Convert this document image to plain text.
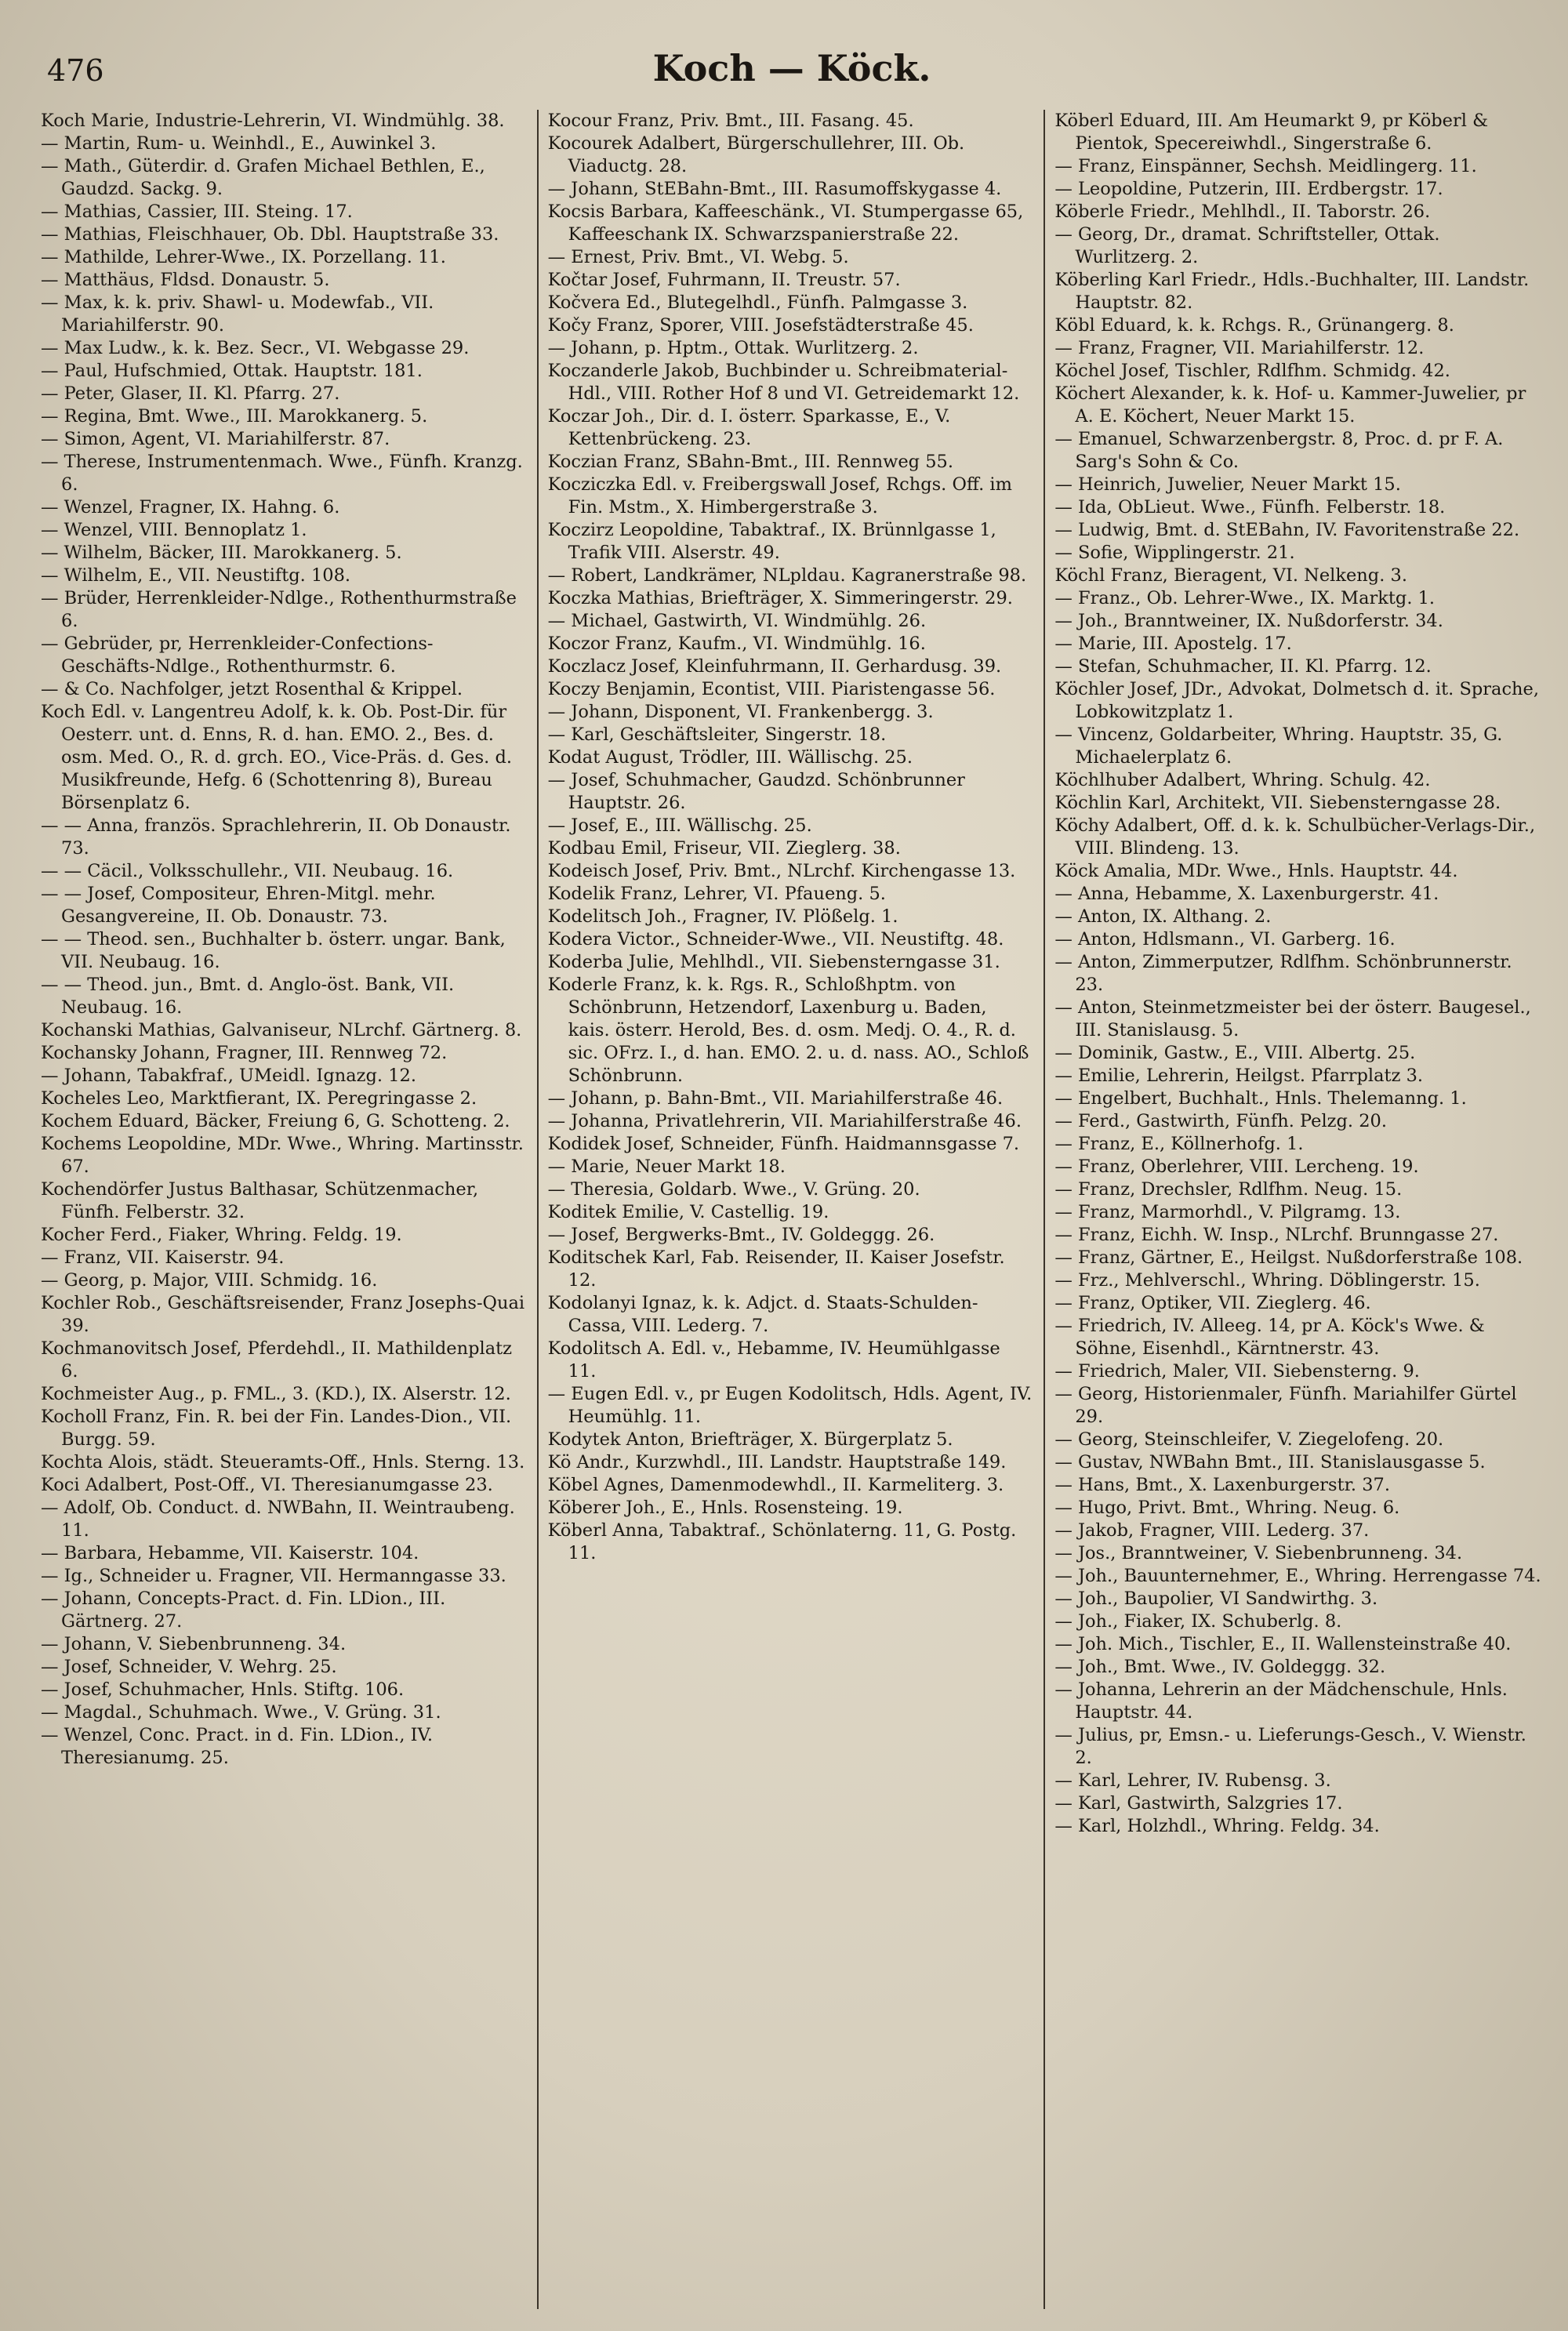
476	Koch — Köck.

Koch Marie, Industrie-Lehrerin, VI. Windmühlg. 38.

— Martin, Rum- u. Weinhdl., E., Auwinkel 3.

— Math., Güterdir. d. Grafen Michael Bethlen, E., Gaudzd. Sackg. 9.

— Mathias, Cassier, III. Steing. 17.

— Mathias, Fleischhauer, Ob. Dbl. Hauptstraße 33.

— Mathilde, Lehrer-Wwe., IX. Porzellang. 11.

— Matthäus, Fldsd. Donaustr. 5.

— Max, k. k. priv. Shawl- u. Modewfab., VII. Mariahilferstr. 90.

— Max Ludw., k. k. Bez. Secr., VI. Webgasse 29.

— Paul, Hufschmied, Ottak. Hauptstr. 181.

— Peter, Glaser, II. Kl. Pfarrg. 27.

— Regina, Bmt. Wwe., III. Marokkanerg. 5.

— Simon, Agent, VI. Mariahilferstr. 87.

— Therese, Instrumentenmach. Wwe., Fünfh. Kranzg. 6.

— Wenzel, Fragner, IX. Hahng. 6.

— Wenzel, VIII. Bennoplatz 1.

— Wilhelm, Bäcker, III. Marokkanerg. 5.

— Wilhelm, E., VII. Neustiftg. 108.

— Brüder, Herrenkleider-Ndlge., Rothenthurmstraße 6.

— Gebrüder, pr, Herrenkleider-Confections-Geschäfts-Ndlge., Rothenthurmstr. 6.

— & Co. Nachfolger, jetzt Rosenthal & Krippel.

Koch Edl. v. Langentreu Adolf, k. k. Ob. Post-Dir. für Oesterr. unt. d. Enns, R. d. han. EMO. 2., Bes. d. osm. Med. O., R. d. grch. EO., Vice-Präs. d. Ges. d. Musikfreunde, Hefg. 6 (Schottenring 8), Bureau Börsenplatz 6.

— — Anna, französ. Sprachlehrerin, II. Ob Donaustr. 73.

— — Cäcil., Volksschullehr., VII. Neubaug. 16.

— — Josef, Compositeur, Ehren-Mitgl. mehr. Gesangvereine, II. Ob. Donaustr. 73.

— — Theod. sen., Buchhalter b. österr. ungar. Bank, VII. Neubaug. 16.

— — Theod. jun., Bmt. d. Anglo-öst. Bank, VII. Neubaug. 16.

Kochanski Mathias, Galvaniseur, NLrchf. Gärtnerg. 8.

Kochansky Johann, Fragner, III. Rennweg 72.

— Johann, Tabakfraf., UMeidl. Ignazg. 12.

Kocheles Leo, Marktfierant, IX. Peregringasse 2.

Kochem Eduard, Bäcker, Freiung 6, G. Schotteng. 2.

Kochems Leopoldine, MDr. Wwe., Whring. Martinsstr. 67.

Kochendörfer Justus Balthasar, Schützenmacher, Fünfh. Felberstr. 32.

Kocher Ferd., Fiaker, Whring. Feldg. 19.

— Franz, VII. Kaiserstr. 94.

— Georg, p. Major, VIII. Schmidg. 16.

Kochler Rob., Geschäftsreisender, Franz Josephs-Quai 39.

Kochmanovitsch Josef, Pferdehdl., II. Mathildenplatz 6.

Kochmeister Aug., p. FML., 3. (KD.), IX. Alserstr. 12.

Kocholl Franz, Fin. R. bei der Fin. Landes-Dion., VII. Burgg. 59.

Kochta Alois, städt. Steueramts-Off., Hnls. Sterng. 13.

Koci Adalbert, Post-Off., VI. Theresianumgasse 23.

— Adolf, Ob. Conduct. d. NWBahn, II. Weintraubeng. 11.

— Barbara, Hebamme, VII. Kaiserstr. 104.

— Ig., Schneider u. Fragner, VII. Hermanngasse 33.

— Johann, Concepts-Pract. d. Fin. LDion., III. Gärtnerg. 27.

— Johann, V. Siebenbrunneng. 34.

— Josef, Schneider, V. Wehrg. 25.

— Josef, Schuhmacher, Hnls. Stiftg. 106.

— Magdal., Schuhmach. Wwe., V. Grüng. 31.

— Wenzel, Conc. Pract. in d. Fin. LDion., IV. Theresianumg. 25.

Kocour Franz, Priv. Bmt., III. Fasang. 45.

Kocourek Adalbert, Bürgerschullehrer, III. Ob. Viaductg. 28.

— Johann, StEBahn-Bmt., III. Rasumoffskygasse 4.

Kocsis Barbara, Kaffeeschänk., VI. Stumpergasse 65, Kaffeeschank IX. Schwarzspanierstraße 22.

— Ernest, Priv. Bmt., VI. Webg. 5.

Kočtar Josef, Fuhrmann, II. Treustr. 57.

Kočvera Ed., Blutegelhdl., Fünfh. Palmgasse 3.

Kočy Franz, Sporer, VIII. Josefstädterstraße 45.

— Johann, p. Hptm., Ottak. Wurlitzerg. 2.

Koczanderle Jakob, Buchbinder u. Schreibmaterial-Hdl., VIII. Rother Hof 8 und VI. Getreidemarkt 12.

Koczar Joh., Dir. d. I. österr. Sparkasse, E., V. Kettenbrückeng. 23.

Koczian Franz, SBahn-Bmt., III. Rennweg 55.

Kocziczka Edl. v. Freibergswall Josef, Rchgs. Off. im Fin. Mstm., X. Himbergerstraße 3.

Koczirz Leopoldine, Tabaktraf., IX. Brünnlgasse 1, Trafik VIII. Alserstr. 49.

— Robert, Landkrämer, NLpldau. Kagranerstraße 98.

Koczka Mathias, Briefträger, X. Simmeringerstr. 29.

— Michael, Gastwirth, VI. Windmühlg. 26.

Koczor Franz, Kaufm., VI. Windmühlg. 16.

Koczlacz Josef, Kleinfuhrmann, II. Gerhardusg. 39.

Koczy Benjamin, Econtist, VIII. Piaristengasse 56.

— Johann, Disponent, VI. Frankenbergg. 3.

— Karl, Geschäftsleiter, Singerstr. 18.

Kodat August, Trödler, III. Wällischg. 25.

— Josef, Schuhmacher, Gaudzd. Schönbrunner Hauptstr. 26.

— Josef, E., III. Wällischg. 25.

Kodbau Emil, Friseur, VII. Zieglerg. 38.

Kodeisch Josef, Priv. Bmt., NLrchf. Kirchengasse 13.

Kodelik Franz, Lehrer, VI. Pfaueng. 5.

Kodelitsch Joh., Fragner, IV. Plößelg. 1.

Kodera Victor., Schneider-Wwe., VII. Neustiftg. 48.

Koderba Julie, Mehlhdl., VII. Siebensterngasse 31.

Koderle Franz, k. k. Rgs. R., Schloßhptm. von Schönbrunn, Hetzendorf, Laxenburg u. Baden, kais. österr. Herold, Bes. d. osm. Medj. O. 4., R. d. sic. OFrz. I., d. han. EMO. 2. u. d. nass. AO., Schloß Schönbrunn.

— Johann, p. Bahn-Bmt., VII. Mariahilferstraße 46.

— Johanna, Privatlehrerin, VII. Mariahilferstraße 46.

Kodidek Josef, Schneider, Fünfh. Haidmannsgasse 7.

— Marie, Neuer Markt 18.

— Theresia, Goldarb. Wwe., V. Grüng. 20.

Koditek Emilie, V. Castellig. 19.

— Josef, Bergwerks-Bmt., IV. Goldeggg. 26.

Koditschek Karl, Fab. Reisender, II. Kaiser Josefstr. 12.

Kodolanyi Ignaz, k. k. Adjct. d. Staats-Schulden-Cassa, VIII. Lederg. 7.

Kodolitsch A. Edl. v., Hebamme, IV. Heumühlgasse 11.

— Eugen Edl. v., pr Eugen Kodolitsch, Hdls. Agent, IV. Heumühlg. 11.

Kodytek Anton, Briefträger, X. Bürgerplatz 5.

Kö Andr., Kurzwhdl., III. Landstr. Hauptstraße 149.

Köbel Agnes, Damenmodewhdl., II. Karmeliterg. 3.

Köberer Joh., E., Hnls. Rosensteing. 19.

Köberl Anna, Tabaktraf., Schönlaterng. 11, G. Postg. 11.

Köberl Eduard, III. Am Heumarkt 9, pr Köberl & Pientok, Specereiwhdl., Singerstraße 6.

— Franz, Einspänner, Sechsh. Meidlingerg. 11.

— Leopoldine, Putzerin, III. Erdbergstr. 17.

Köberle Friedr., Mehlhdl., II. Taborstr. 26.

— Georg, Dr., dramat. Schriftsteller, Ottak. Wurlitzerg. 2.

Köberling Karl Friedr., Hdls.-Buchhalter, III. Landstr. Hauptstr. 82.

Köbl Eduard, k. k. Rchgs. R., Grünangerg. 8.

— Franz, Fragner, VII. Mariahilferstr. 12.

Köchel Josef, Tischler, Rdlfhm. Schmidg. 42.

Köchert Alexander, k. k. Hof- u. Kammer-Juwelier, pr A. E. Köchert, Neuer Markt 15.

— Emanuel, Schwarzenbergstr. 8, Proc. d. pr F. A. Sarg's Sohn & Co.

— Heinrich, Juwelier, Neuer Markt 15.

— Ida, ObLieut. Wwe., Fünfh. Felberstr. 18.

— Ludwig, Bmt. d. StEBahn, IV. Favoritenstraße 22.

— Sofie, Wipplingerstr. 21.

Köchl Franz, Bieragent, VI. Nelkeng. 3.

— Franz., Ob. Lehrer-Wwe., IX. Marktg. 1.

— Joh., Branntweiner, IX. Nußdorferstr. 34.

— Marie, III. Apostelg. 17.

— Stefan, Schuhmacher, II. Kl. Pfarrg. 12.

Köchler Josef, JDr., Advokat, Dolmetsch d. it. Sprache, Lobkowitzplatz 1.

— Vincenz, Goldarbeiter, Whring. Hauptstr. 35, G. Michaelerplatz 6.

Köchlhuber Adalbert, Whring. Schulg. 42.

Köchlin Karl, Architekt, VII. Siebensterngasse 28.

Köchy Adalbert, Off. d. k. k. Schulbücher-Verlags-Dir., VIII. Blindeng. 13.

Köck Amalia, MDr. Wwe., Hnls. Hauptstr. 44.

— Anna, Hebamme, X. Laxenburgerstr. 41.

— Anton, IX. Althang. 2.

— Anton, Hdlsmann., VI. Garberg. 16.

— Anton, Zimmerputzer, Rdlfhm. Schönbrunnerstr. 23.

— Anton, Steinmetzmeister bei der österr. Baugesel., III. Stanislausg. 5.

— Dominik, Gastw., E., VIII. Albertg. 25.

— Emilie, Lehrerin, Heilgst. Pfarrplatz 3.

— Engelbert, Buchhalt., Hnls. Thelemanng. 1.

— Ferd., Gastwirth, Fünfh. Pelzg. 20.

— Franz, E., Köllnerhofg. 1.

— Franz, Oberlehrer, VIII. Lercheng. 19.

— Franz, Drechsler, Rdlfhm. Neug. 15.

— Franz, Marmorhdl., V. Pilgramg. 13.

— Franz, Eichh. W. Insp., NLrchf. Brunngasse 27.

— Franz, Gärtner, E., Heilgst. Nußdorferstraße 108.

— Frz., Mehlverschl., Whring. Döblingerstr. 15.

— Franz, Optiker, VII. Zieglerg. 46.

— Friedrich, IV. Alleeg. 14, pr A. Köck's Wwe. & Söhne, Eisenhdl., Kärntnerstr. 43.

— Friedrich, Maler, VII. Siebensterng. 9.

— Georg, Historienmaler, Fünfh. Mariahilfer Gürtel 29.

— Georg, Steinschleifer, V. Ziegelofeng. 20.

— Gustav, NWBahn Bmt., III. Stanislausgasse 5.

— Hans, Bmt., X. Laxenburgerstr. 37.

— Hugo, Privt. Bmt., Whring. Neug. 6.

— Jakob, Fragner, VIII. Lederg. 37.

— Jos., Branntweiner, V. Siebenbrunneng. 34.

— Joh., Bauunternehmer, E., Whring. Herrengasse 74.

— Joh., Baupolier, VI Sandwirthg. 3.

— Joh., Fiaker, IX. Schuberlg. 8.

— Joh. Mich., Tischler, E., II. Wallensteinstraße 40.

— Joh., Bmt. Wwe., IV. Goldeggg. 32.

— Johanna, Lehrerin an der Mädchenschule, Hnls. Hauptstr. 44.

— Julius, pr, Emsn.- u. Lieferungs-Gesch., V. Wienstr. 2.

— Karl, Lehrer, IV. Rubensg. 3.

— Karl, Gastwirth, Salzgries 17.

— Karl, Holzhdl., Whring. Feldg. 34.
